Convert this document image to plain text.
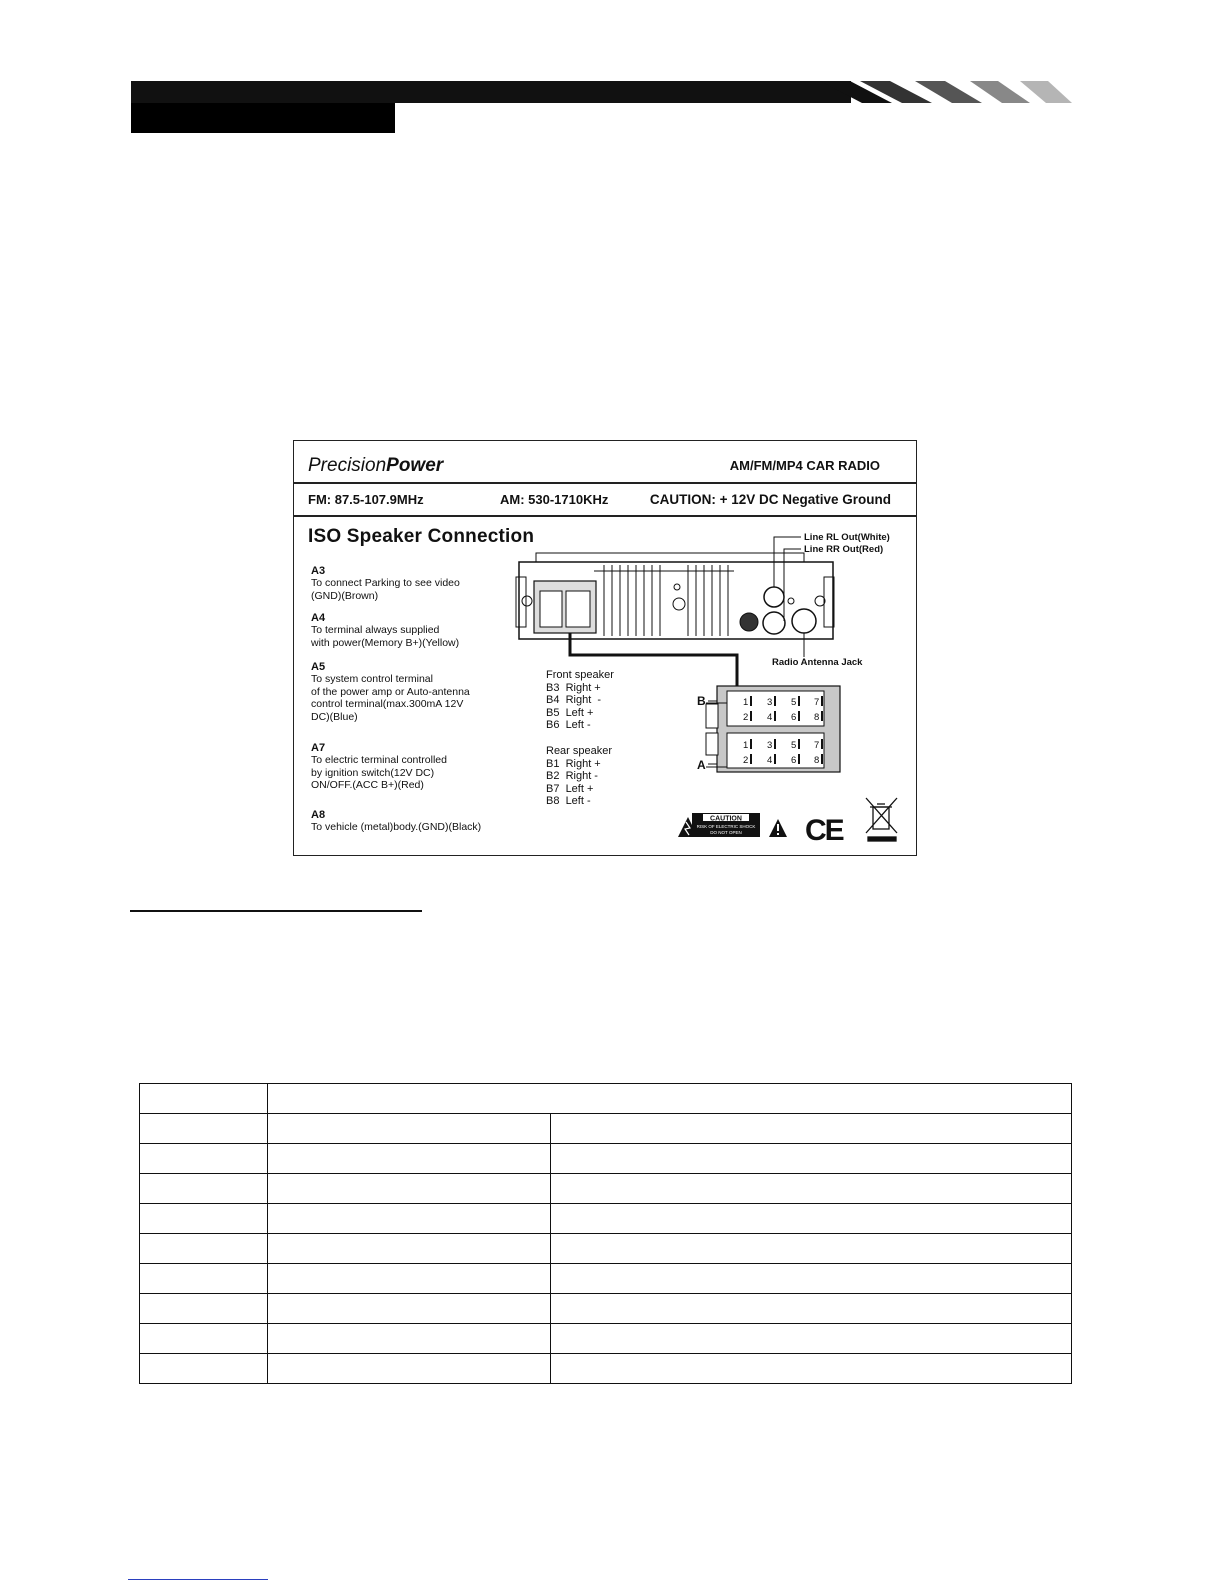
PrecisionPower	AM/FM/MP4 CAR RADIO
FM: 87.5-107.9MHz	AM: 530-1710KHz	CAUTION: + 12V DC Negative Ground
ISO Speaker Connection
A3
To connect Parking to see video
(GND)(Brown)
A4
To terminal always supplied
with power(Memory B+)(Yellow)
A5
To system control terminal
of the power amp or Auto-antenna
control terminal(max.300mA 12V
DC)(Blue)
A7
To electric terminal controlled
by ignition switch(12V DC)
ON/OFF.(ACC B+)(Red)
A8
To vehicle (metal)body.(GND)(Black)
Front speaker
B3  Right +
B4  Right  -
B5  Left +
B6  Left -
Rear speaker
B1  Right +
B2  Right -
B7  Left +
B8  Left -
1 3 5 7
2 4 6 8
1 3 5 7
2 4 6 8
B
A
CAUTION
RISK OF ELECTRIC SHOCK
DO NOT OPEN CE
Line RL Out(White)
Line RR Out(Red)
Radio Antenna Jack
